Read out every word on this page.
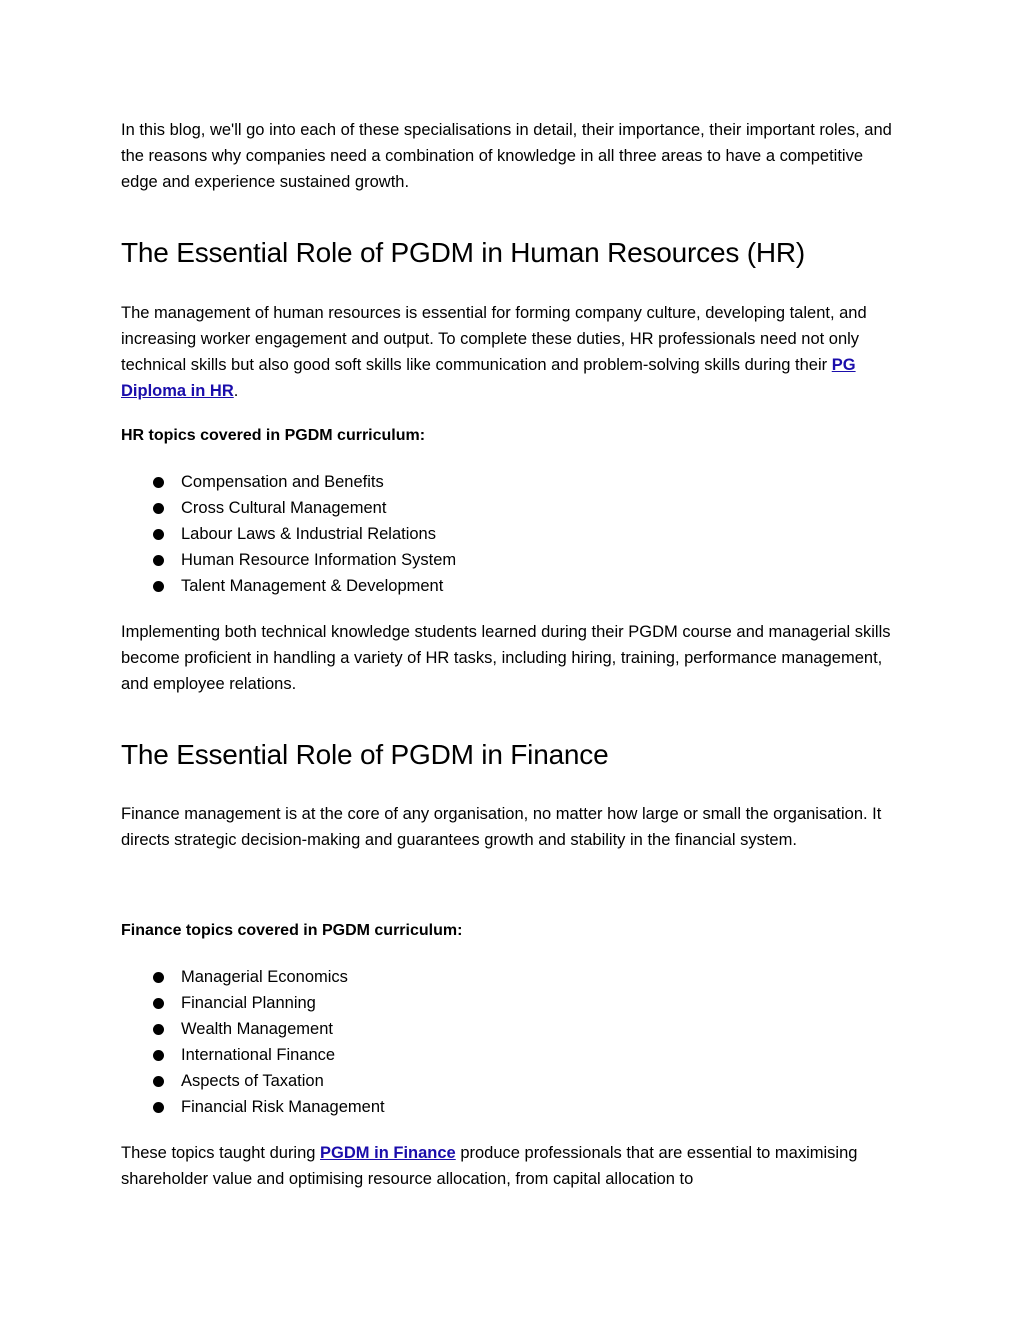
In this blog, we'll go into each of these specialisations in detail, their importance, their important roles, and the reasons why companies need a combination of knowledge in all three areas to have a competitive edge and experience sustained growth.

The Essential Role of PGDM in Human Resources (HR)

The management of human resources is essential for forming company culture, developing talent, and increasing worker engagement and output. To complete these duties, HR professionals need not only technical skills but also good soft skills like communication and problem-solving skills during their PG Diploma in HR.

HR topics covered in PGDM curriculum:

Compensation and Benefits
Cross Cultural Management
Labour Laws & Industrial Relations
Human Resource Information System
Talent Management & Development

Implementing both technical knowledge students learned during their PGDM course and managerial skills become proficient in handling a variety of HR tasks, including hiring, training, performance management, and employee relations.

The Essential Role of PGDM in Finance

Finance management is at the core of any organisation, no matter how large or small the organisation. It directs strategic decision-making and guarantees growth and stability in the financial system.

Finance topics covered in PGDM curriculum:

Managerial Economics
Financial Planning
Wealth Management
International Finance
Aspects of Taxation
Financial Risk Management

These topics taught during PGDM in Finance produce professionals that are essential to maximising shareholder value and optimising resource allocation, from capital allocation to
